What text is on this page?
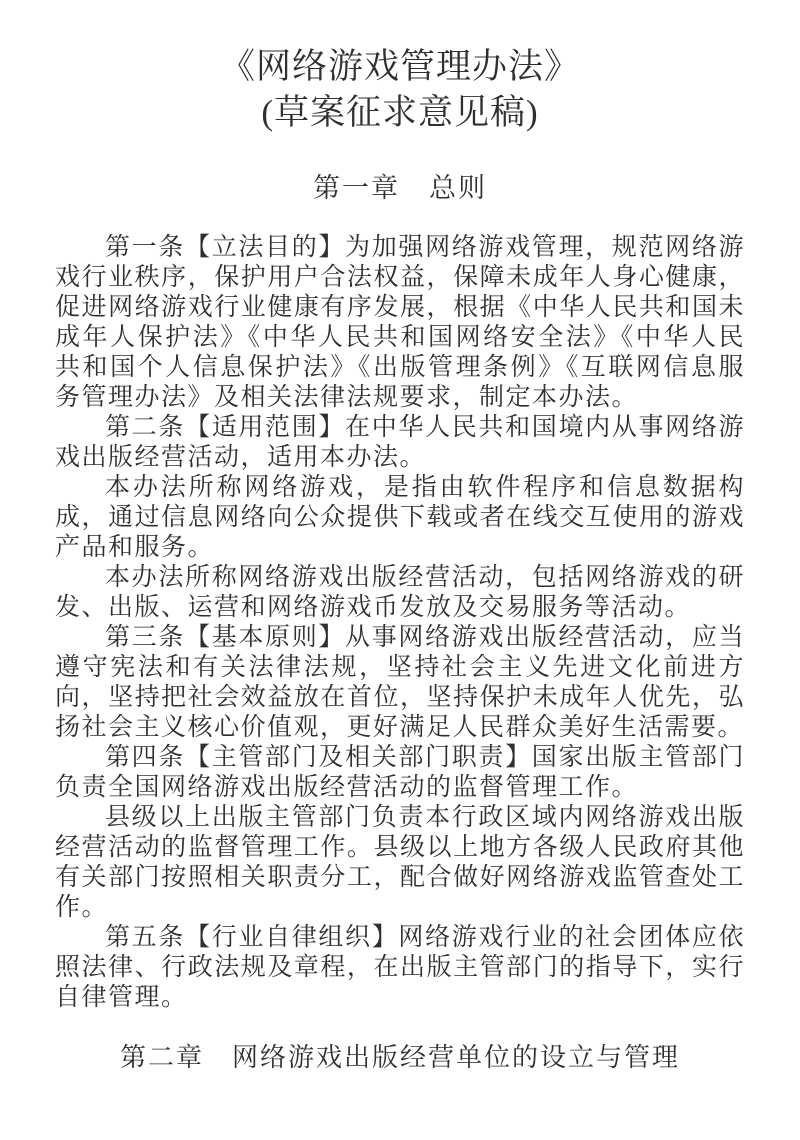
《网络游戏管理办法》
(草案征求意见稿)
第一章　总则

第一条【立法目的】为加强网络游戏管理，规范网络游戏行业秩序，保护用户合法权益，保障未成年人身心健康，促进网络游戏行业健康有序发展，根据《中华人民共和国未成年人保护法》《中华人民共和国网络安全法》《中华人民共和国个人信息保护法》《出版管理条例》《互联网信息服务管理办法》及相关法律法规要求，制定本办法。

第二条【适用范围】在中华人民共和国境内从事网络游戏出版经营活动，适用本办法。

本办法所称网络游戏，是指由软件程序和信息数据构成，通过信息网络向公众提供下载或者在线交互使用的游戏产品和服务。

本办法所称网络游戏出版经营活动，包括网络游戏的研发、出版、运营和网络游戏币发放及交易服务等活动。

第三条【基本原则】从事网络游戏出版经营活动，应当遵守宪法和有关法律法规，坚持社会主义先进文化前进方向，坚持把社会效益放在首位，坚持保护未成年人优先，弘扬社会主义核心价值观，更好满足人民群众美好生活需要。

第四条【主管部门及相关部门职责】国家出版主管部门负责全国网络游戏出版经营活动的监督管理工作。

县级以上出版主管部门负责本行政区域内网络游戏出版经营活动的监督管理工作。县级以上地方各级人民政府其他有关部门按照相关职责分工，配合做好网络游戏监管查处工作。

第五条【行业自律组织】网络游戏行业的社会团体应依照法律、行政法规及章程，在出版主管部门的指导下，实行自律管理。

第二章　网络游戏出版经营单位的设立与管理
